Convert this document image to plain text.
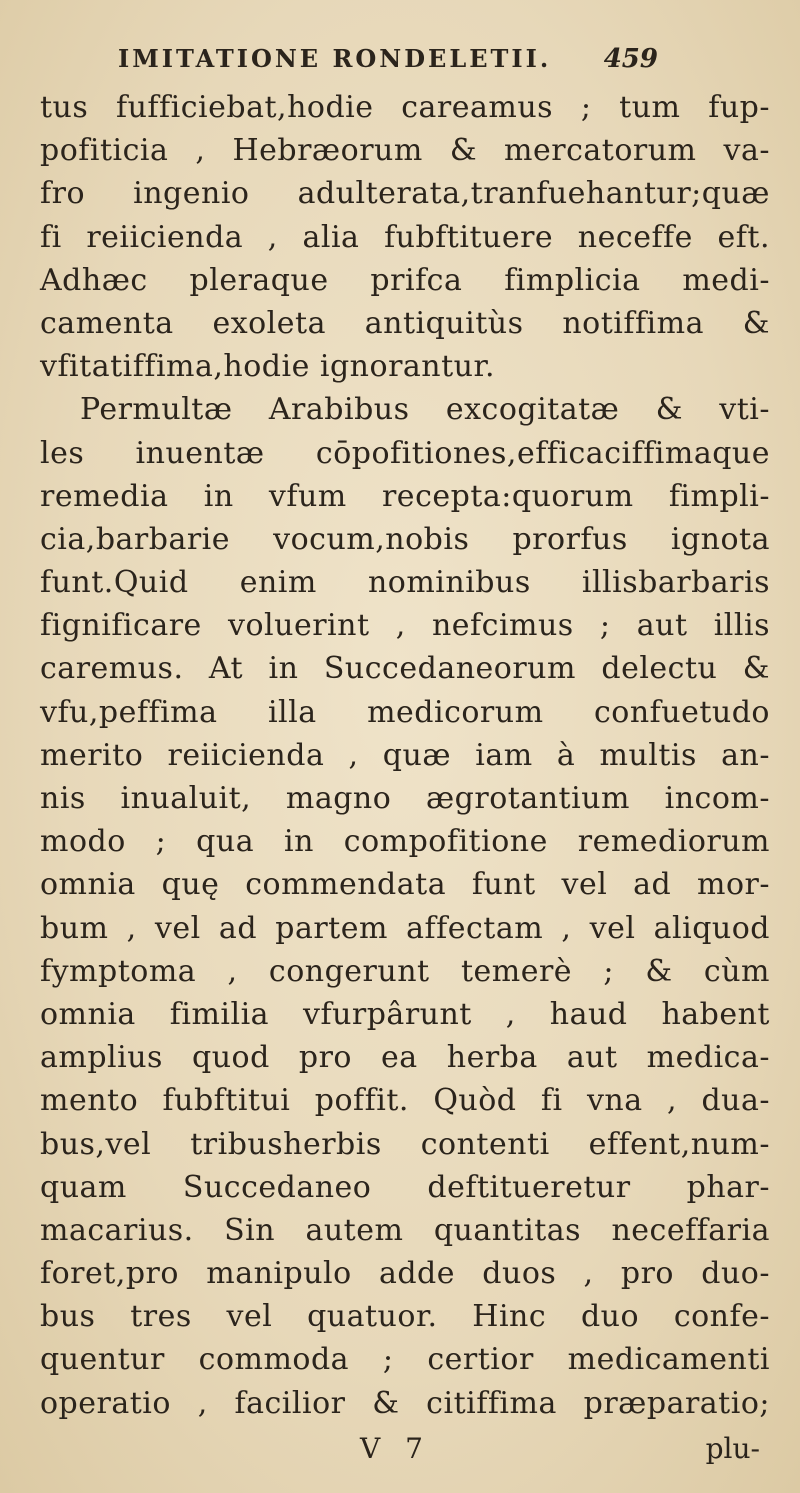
IMITATIONE RONDELETII. 459
tus fufficiebat,hodie careamus ; tum fup-
pofiticia , Hebræorum & mercatorum va-
fro ingenio adulterata,tranfuehantur;quæ
fi reiicienda , alia fubftituere neceffe eft.
Adhæc pleraque prifca fimplicia medi-
camenta exoleta antiquitùs notiffima &
vfitatiffima,hodie ignorantur.
Permultæ Arabibus excogitatæ & vti-
les inuentæ cōpofitiones,efficaciffimaque
remedia in vfum recepta:quorum fimpli-
cia,barbarie vocum,nobis prorfus ignota
funt.Quid enim nominibus illisbarbaris
fignificare voluerint , nefcimus ; aut illis
caremus. At in Succedaneorum delectu &
vfu,peffima illa medicorum confuetudo
merito reiicienda , quæ iam à multis an-
nis inualuit, magno ægrotantium incom-
modo ; qua in compofitione remediorum
omnia quę commendata funt vel ad mor-
bum , vel ad partem affectam , vel aliquod
fymptoma , congerunt temerè ; & cùm
omnia fimilia vfurpârunt , haud habent
amplius quod pro ea herba aut medica-
mento fubftitui poffit. Quòd fi vna , dua-
bus,vel tribusherbis contenti effent,num-
quam Succedaneo deftitueretur phar-
macarius. Sin autem quantitas neceffaria
foret,pro manipulo adde duos , pro duo-
bus tres vel quatuor. Hinc duo confe-
quentur commoda ; certior medicamenti
operatio , facilior & citiffima præparatio;
V 7	plu-
